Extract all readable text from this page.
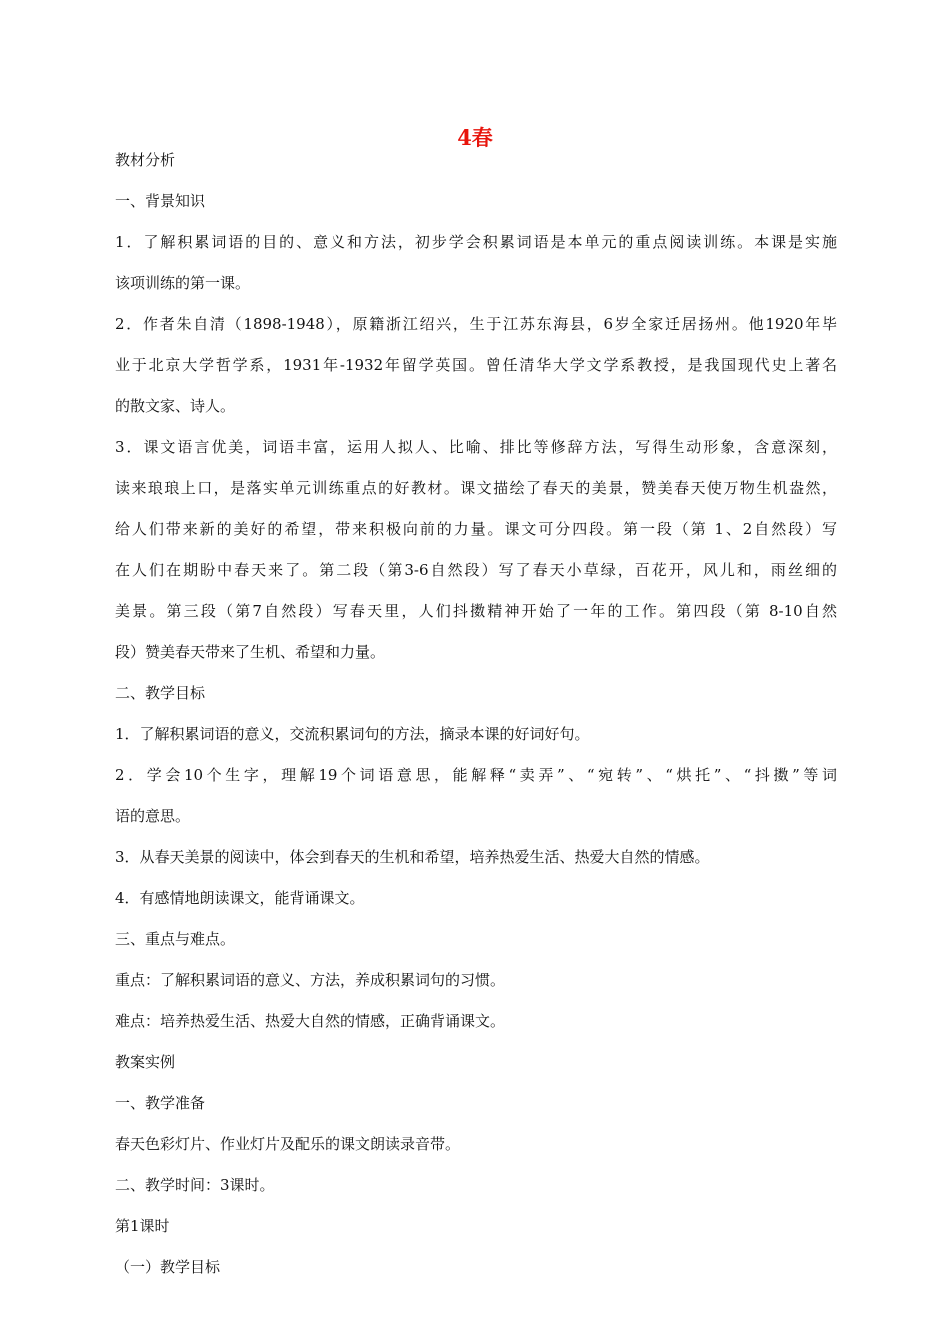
4春

教材分析

一、背景知识

1．了解积累词语的目的、意义和方法，初步学会积累词语是本单元的重点阅读训练。本课是实施

该项训练的第一课。

2．作者朱自清（1898-1948），原籍浙江绍兴，生于江苏东海县，6岁全家迁居扬州。他1920年毕

业于北京大学哲学系，1931年-1932年留学英国。曾任清华大学文学系教授，是我国现代史上著名

的散文家、诗人。

3．课文语言优美，词语丰富，运用人拟人、比喻、排比等修辞方法，写得生动形象，含意深刻，

读来琅琅上口，是落实单元训练重点的好教材。课文描绘了春天的美景，赞美春天使万物生机盎然，

给人们带来新的美好的希望，带来积极向前的力量。课文可分四段。第一段（第 1、2自然段）写

在人们在期盼中春天来了。第二段（第3-6自然段）写了春天小草绿，百花开，风儿和，雨丝细的

美景。第三段（第7自然段）写春天里，人们抖擞精神开始了一年的工作。第四段（第 8-10自然

段）赞美春天带来了生机、希望和力量。

二、教学目标

1．了解积累词语的意义，交流积累词句的方法，摘录本课的好词好句。

2．学会10个生字，理解19个词语意思，能解释“卖弄”、“宛转”、“烘托”、“抖擞”等词

语的意思。

3．从春天美景的阅读中，体会到春天的生机和希望，培养热爱生活、热爱大自然的情感。

4．有感情地朗读课文，能背诵课文。

三、重点与难点。

重点：了解积累词语的意义、方法，养成积累词句的习惯。

难点：培养热爱生活、热爱大自然的情感，正确背诵课文。

教案实例

一、教学准备

春天色彩灯片、作业灯片及配乐的课文朗读录音带。

二、教学时间：3课时。

第1课时

（一）教学目标
